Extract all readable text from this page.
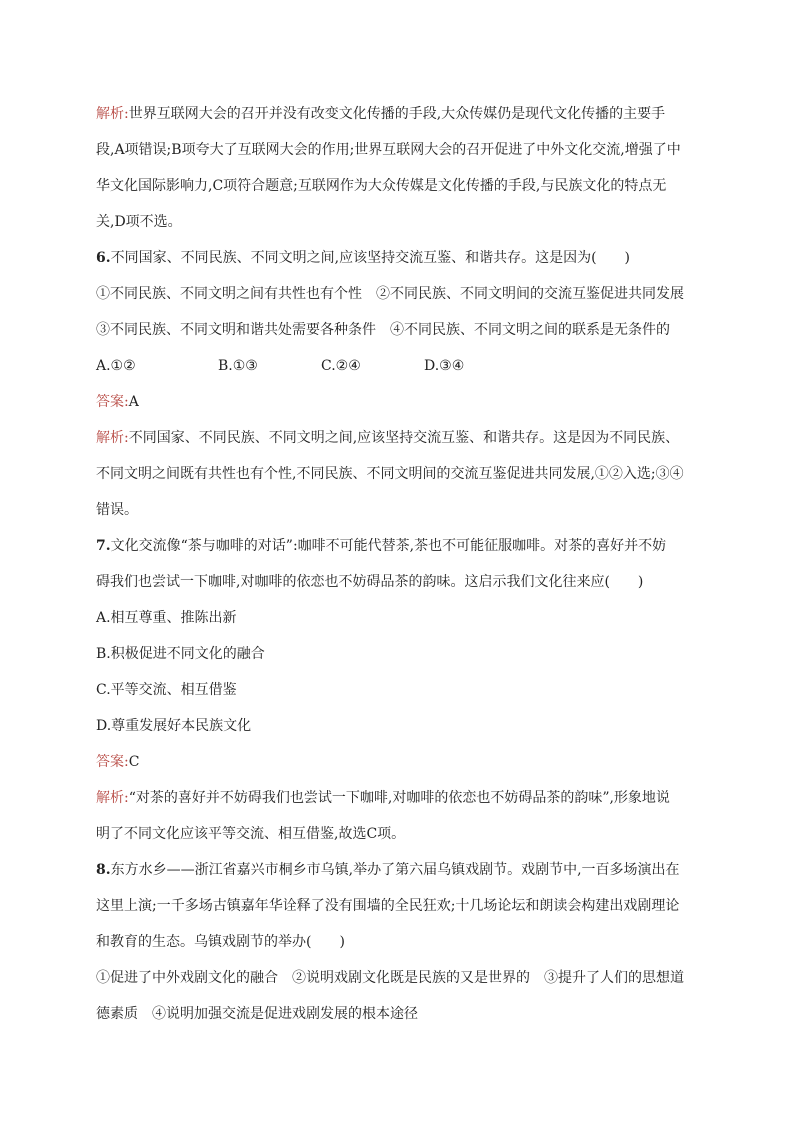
解析:世界互联网大会的召开并没有改变文化传播的手段,大众传媒仍是现代文化传播的主要手
段,A项错误;B项夸大了互联网大会的作用;世界互联网大会的召开促进了中外文化交流,增强了中
华文化国际影响力,C项符合题意;互联网作为大众传媒是文化传播的手段,与民族文化的特点无
关,D项不选。
6.不同国家、不同民族、不同文明之间,应该坚持交流互鉴、和谐共存。这是因为(　　)
①不同民族、不同文明之间有共性也有个性　②不同民族、不同文明间的交流互鉴促进共同发展
③不同民族、不同文明和谐共处需要各种条件　④不同民族、不同文明之间的联系是无条件的
A.①②	B.①③	C.②④	D.③④
答案:A
解析:不同国家、不同民族、不同文明之间,应该坚持交流互鉴、和谐共存。这是因为不同民族、
不同文明之间既有共性也有个性,不同民族、不同文明间的交流互鉴促进共同发展,①②入选;③④
错误。
7.文化交流像“茶与咖啡的对话”:咖啡不可能代替茶,茶也不可能征服咖啡。对茶的喜好并不妨
碍我们也尝试一下咖啡,对咖啡的依恋也不妨碍品茶的韵味。这启示我们文化往来应(　　)
A.相互尊重、推陈出新
B.积极促进不同文化的融合
C.平等交流、相互借鉴
D.尊重发展好本民族文化
答案:C
解析:“对茶的喜好并不妨碍我们也尝试一下咖啡,对咖啡的依恋也不妨碍品茶的韵味”,形象地说
明了不同文化应该平等交流、相互借鉴,故选C项。
8.东方水乡——浙江省嘉兴市桐乡市乌镇,举办了第六届乌镇戏剧节。戏剧节中,一百多场演出在
这里上演;一千多场古镇嘉年华诠释了没有围墙的全民狂欢;十几场论坛和朗读会构建出戏剧理论
和教育的生态。乌镇戏剧节的举办(　　)
①促进了中外戏剧文化的融合　②说明戏剧文化既是民族的又是世界的　③提升了人们的思想道
德素质　④说明加强交流是促进戏剧发展的根本途径
